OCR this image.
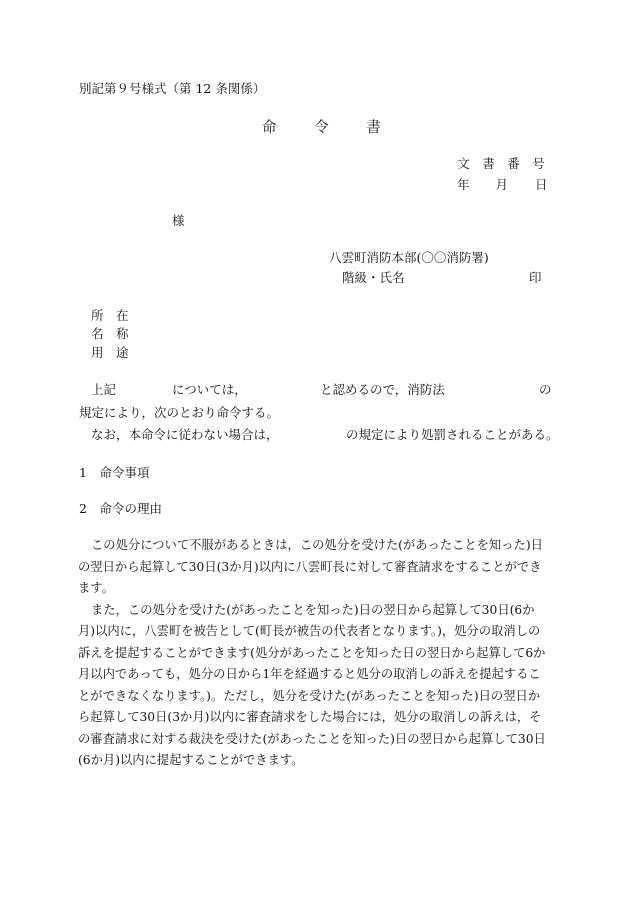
別記第９号様式（第 12 条関係）
命	令	書
文 書 番 号
年 月 日
様
八雲町消防本部(〇〇消防署)
階級・氏名	印
所　在
名　称
用　途
上記	については，	と認めるので，消防法	の
規定により，次のとおり命令する。
なお，本命令に従わない場合は，	の規定により処罰されることがある。
1　命令事項
2　命令の理由

この処分について不服があるときは，この処分を受けた(があったことを知った)日の翌日から起算して30日(3か月)以内に八雲町長に対して審査請求をすることができます。

また，この処分を受けた(があったことを知った)日の翌日から起算して30日(6か月)以内に，八雲町を被告として(町長が被告の代表者となります。)，処分の取消しの訴えを提起することができます(処分があったことを知った日の翌日から起算して6か月以内であっても，処分の日から1年を経過すると処分の取消しの訴えを提起することができなくなります。)。ただし，処分を受けた(があったことを知った)日の翌日から起算して30日(3か月)以内に審査請求をした場合には，処分の取消しの訴えは，その審査請求に対する裁決を受けた(があったことを知った)日の翌日から起算して30日(6か月)以内に提起することができます。
